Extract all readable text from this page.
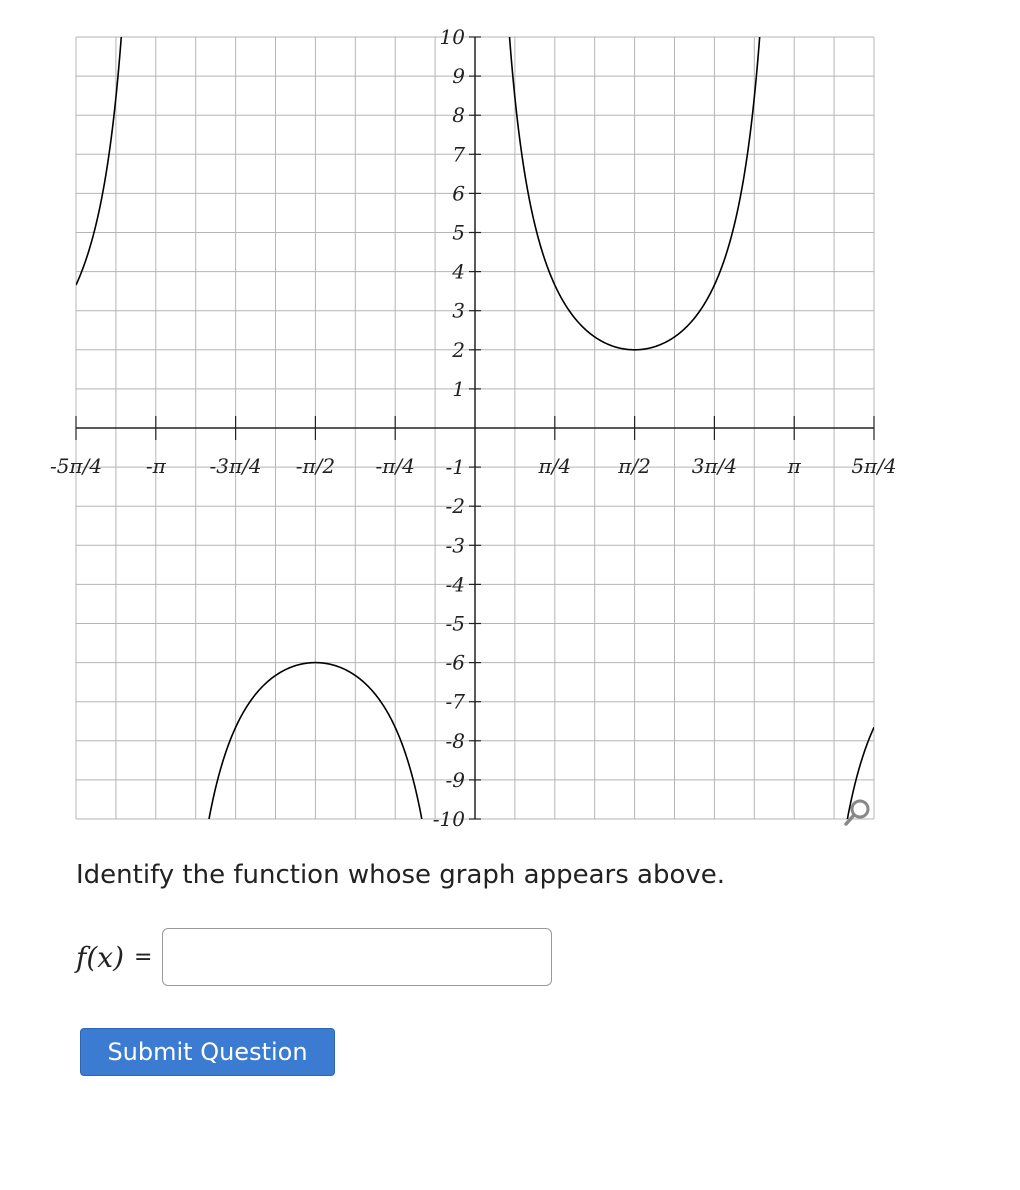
10
9
8
7
6
5
4
3
2
1
-1
-2
-3
-4
-5
-6
-7
-8
-9
-10
-5π/4 -π -3π/4 -π/2 -π/4	π/4 π/2 3π/4	π	5π/4
Identify the function whose graph appears above.
f(x) =
Submit Question
